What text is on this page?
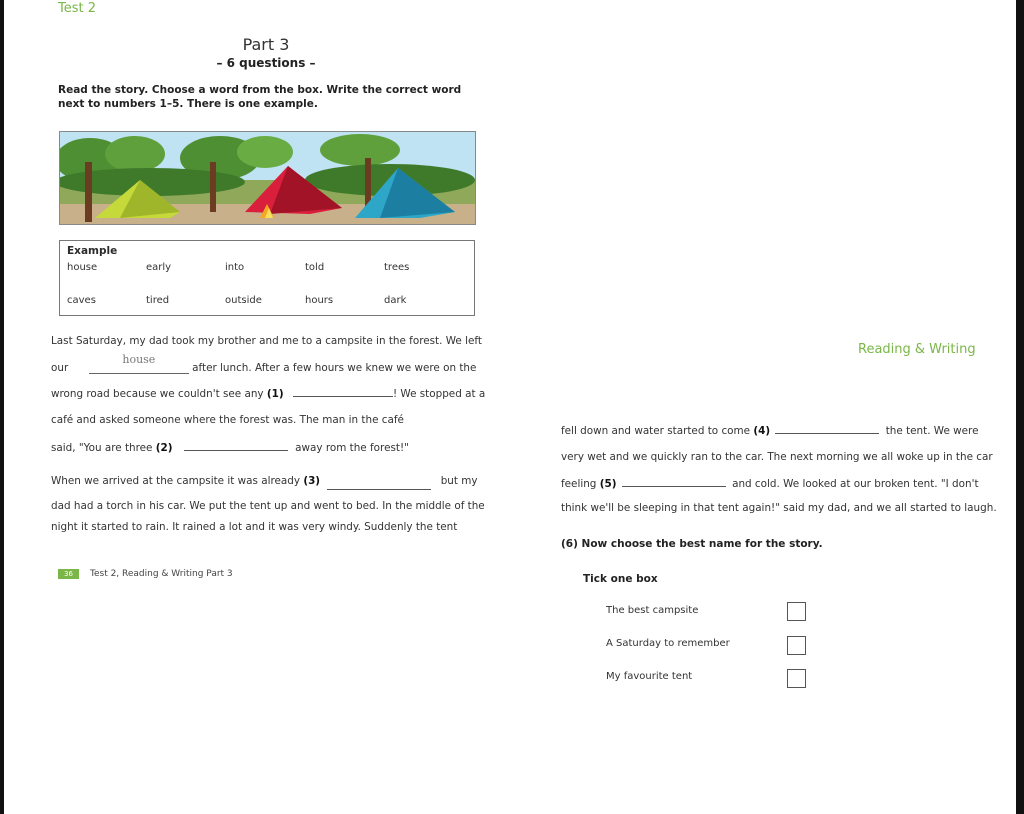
Test 2
Part 3
– 6 questions –
Read the story. Choose a word from the box. Write the correct word next to numbers 1–5. There is one example.
Example
house	early	into	told	trees
caves	tired	outside	hours	dark
Last Saturday, my dad took my brother and me to a campsite in the forest. We left
our
house
after lunch. After a few hours we knew we were on the
wrong road because we couldn't see any (1)	! We stopped at a
café and asked someone where the forest was. The man in the café
said, "You are three (2)	away rom the forest!"
When we arrived at the campsite it was already (3)	but my
dad had a torch in his car. We put the tent up and went to bed. In the middle of the
night it started to rain. It rained a lot and it was very windy. Suddenly the tent
36	Test 2, Reading & Writing Part 3
Reading & Writing
fell down and water started to come (4)	the tent. We were
very wet and we quickly ran to the car. The next morning we all woke up in the car
feeling (5)	and cold. We looked at our broken tent. "I don't
think we'll be sleeping in that tent again!" said my dad, and we all started to laugh.
(6) Now choose the best name for the story.
Tick one box
The best campsite
A Saturday to remember
My favourite tent
